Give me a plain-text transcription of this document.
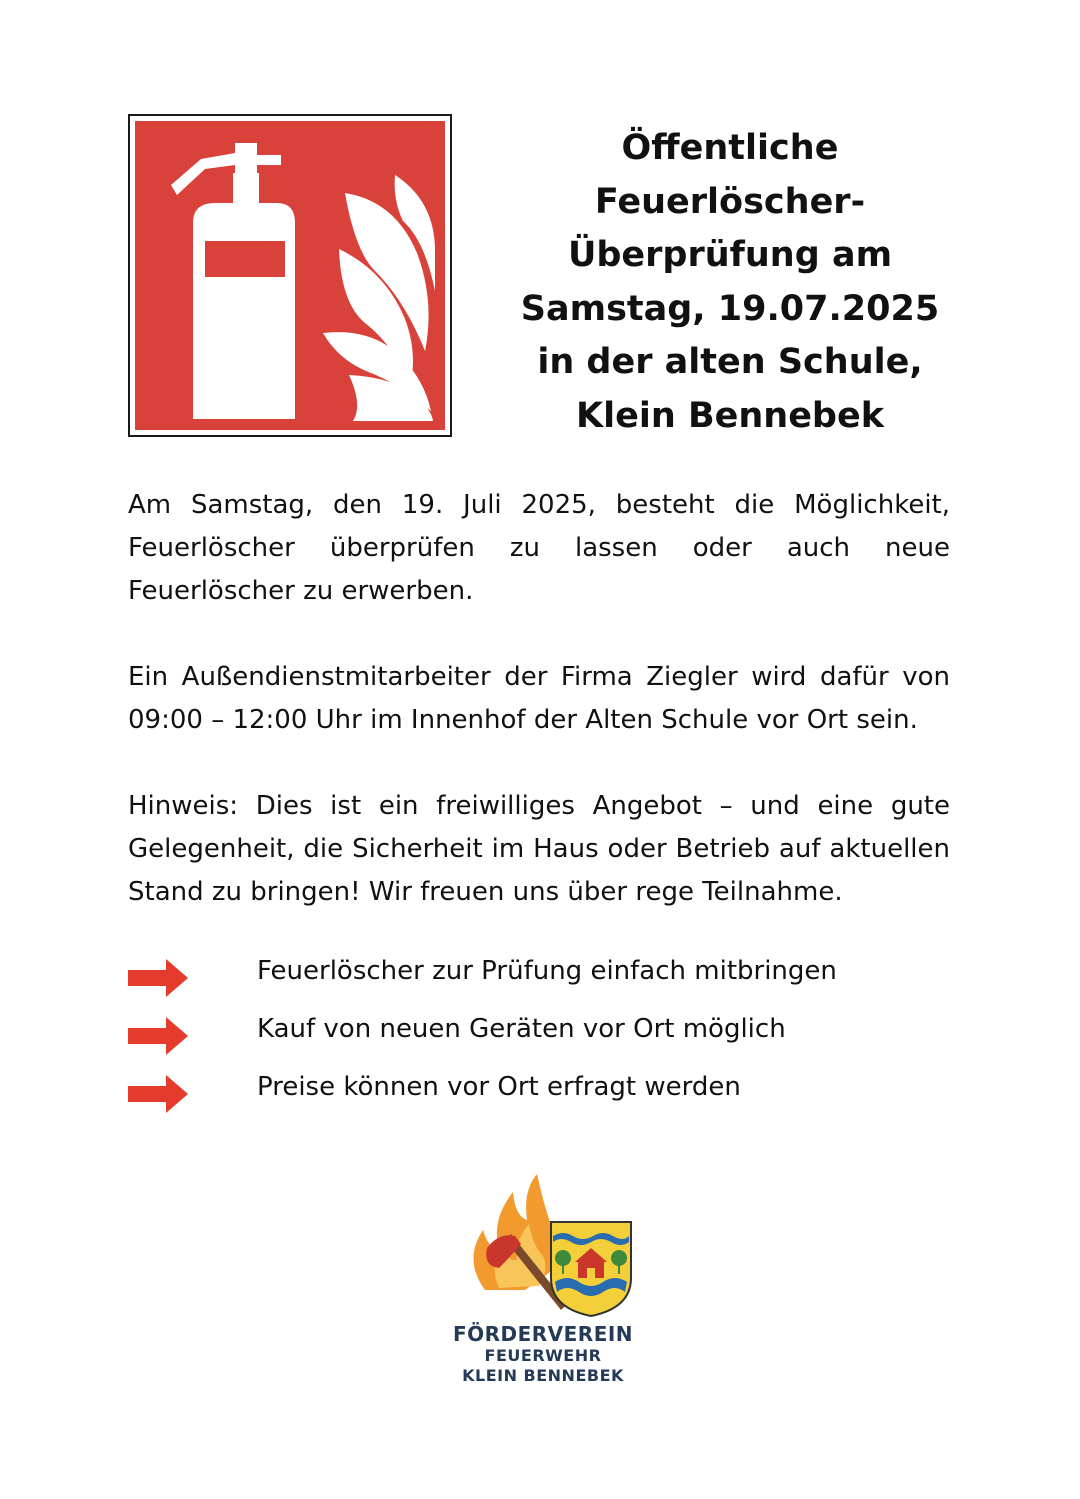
Öffentliche
Feuerlöscher-
Überprüfung am
Samstag, 19.07.2025
in der alten Schule,
Klein Bennebek

Am Samstag, den 19. Juli 2025, besteht die Möglichkeit, Feuerlöscher überprüfen zu lassen oder auch neue Feuerlöscher zu erwerben.

Ein Außendienstmitarbeiter der Firma Ziegler wird dafür von 09:00 – 12:00 Uhr im Innenhof der Alten Schule vor Ort sein.

Hinweis: Dies ist ein freiwilliges Angebot – und eine gute Gelegenheit, die Sicherheit im Haus oder Betrieb auf aktuellen Stand zu bringen! Wir freuen uns über rege Teilnahme.

Feuerlöscher zur Prüfung einfach mitbringen
Kauf von neuen Geräten vor Ort möglich
Preise können vor Ort erfragt werden
FÖRDERVEREIN
FEUERWEHR
KLEIN BENNEBEK
